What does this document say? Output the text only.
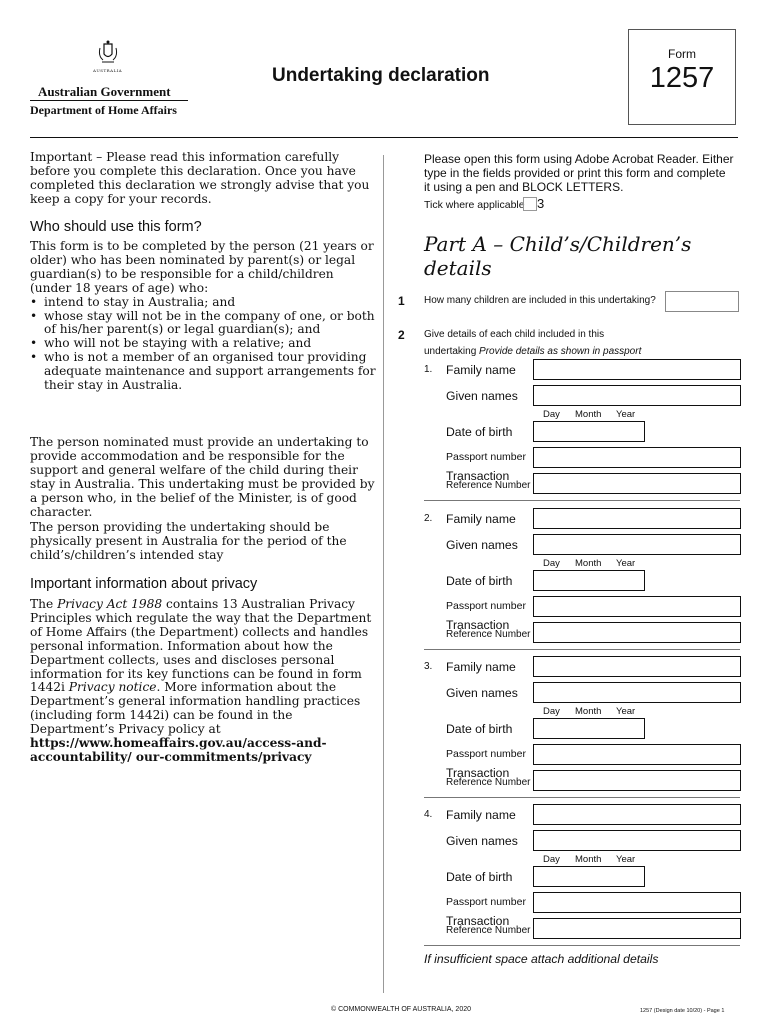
AUSTRALIA
Australian Government
Department of Home Affairs
Undertaking declaration
Form
1257

Important – Please read this information carefully before you complete this declaration. Once you have completed this declaration we strongly advise that you keep a copy for your records.

Who should use this form?

This form is to be completed by the person (21 years or older) who has been nominated by parent(s) or legal guardian(s) to be responsible for a child/children (under 18 years of age) who:

• intend to stay in Australia; and
• whose stay will not be in the company of one, or both of his/her parent(s) or legal guardian(s); and
• who will not be staying with a relative; and
• who is not a member of an organised tour providing adequate maintenance and support arrangements for their stay in Australia.

The person nominated must provide an undertaking to provide accommodation and be responsible for the support and general welfare of the child during their stay in Australia. This undertaking must be provided by a person who, in the belief of the Minister, is of good character.

The person providing the undertaking should be physically present in Australia for the period of the child’s/children’s intended stay

Important information about privacy

The Privacy Act 1988 contains 13 Australian Privacy Principles which regulate the way that the Department of Home Affairs (the Department) collects and handles personal information. Information about how the Department collects, uses and discloses personal information for its key functions can be found in form 1442i Privacy notice. More information about the Department’s general information handling practices (including form 1442i) can be found in the Department’s Privacy policy at

https://www.homeaffairs.gov.au/access-and-accountability/ our-commitments/privacy

Please open this form using Adobe Acrobat Reader. Either type in the fields provided or print this form and complete it using a pen and BLOCK LETTERS.
Tick where applicable 3
Part A – Child’s/Children’s details
1 How many children are included in this undertaking?
2 Give details of each child included in this
undertaking Provide details as shown in passport
1. Family name
Given names
Day Month Year
Date of birth
Passport number
Transaction
Reference Number
2. Family name
Given names
Day Month Year
Date of birth
Passport number
Transaction
Reference Number
3. Family name
Given names
Day Month Year
Date of birth
Passport number
Transaction
Reference Number
4. Family name
Given names
Day Month Year
Date of birth
Passport number
Transaction
Reference Number
If insufficient space attach additional details
© COMMONWEALTH OF AUSTRALIA, 2020	1257 (Design date 10/20) - Page 1
